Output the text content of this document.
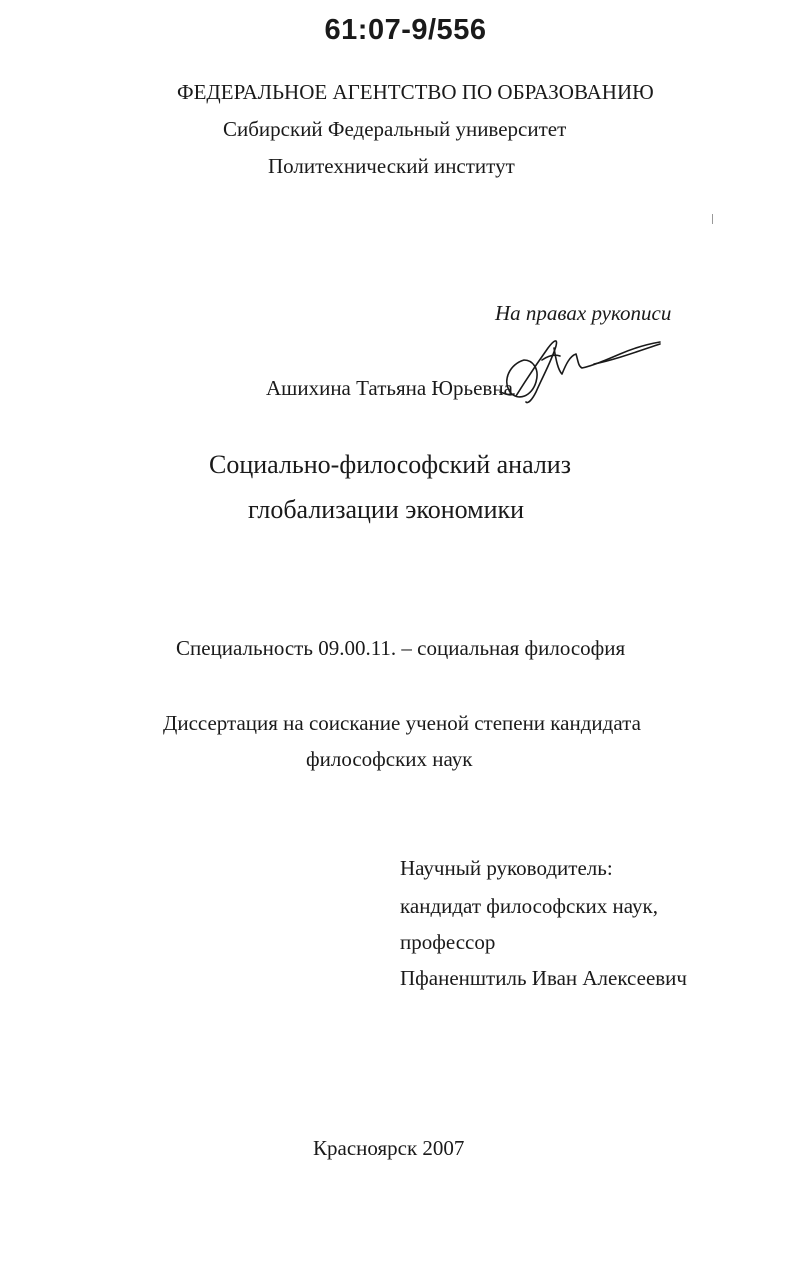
61:07-9/556
ФЕДЕРАЛЬНОЕ АГЕНТСТВО ПО ОБРАЗОВАНИЮ
Сибирский Федеральный университет
Политехнический институт
На правах рукописи
Ашихина Татьяна Юрьевна
Социально-философский анализ
глобализации экономики
Специальность 09.00.11. – социальная философия
Диссертация на соискание ученой степени кандидата
философских наук
Научный руководитель:
кандидат философских наук,
профессор
Пфаненштиль Иван Алексеевич
Красноярск 2007
